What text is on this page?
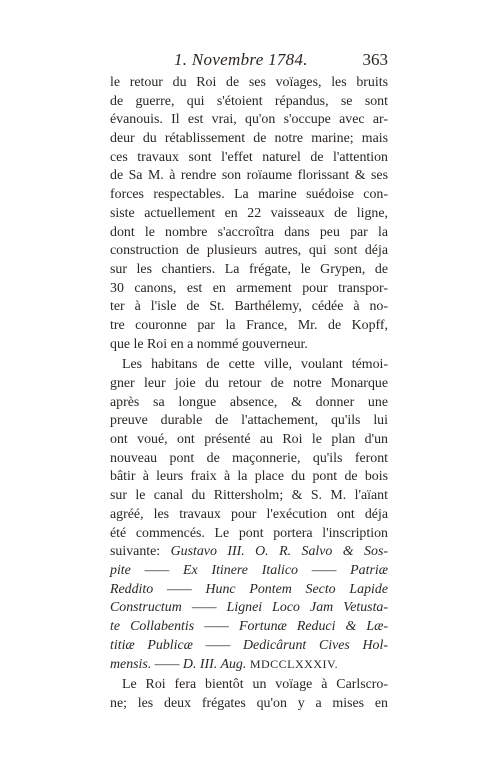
1. Novembre 1784.	363
le retour du Roi de ses voïages, les bruits
de guerre, qui s'étoient répandus, se sont
évanouis. Il est vrai, qu'on s'occupe avec ar-
deur du rétablissement de notre marine; mais
ces travaux sont l'effet naturel de l'attention
de Sa M. à rendre son roïaume florissant & ses
forces respectables. La marine suédoise con-
siste actuellement en 22 vaisseaux de ligne,
dont le nombre s'accroîtra dans peu par la
construction de plusieurs autres, qui sont déja
sur les chantiers. La frégate, le Grypen, de
30 canons, est en armement pour transpor-
ter à l'isle de St. Barthélemy, cédée à no-
tre couronne par la France, Mr. de Kopff,
que le Roi en a nommé gouverneur.
Les habitans de cette ville, voulant témoi-
gner leur joie du retour de notre Monarque
après sa longue absence, & donner une
preuve durable de l'attachement, qu'ils lui
ont voué, ont présenté au Roi le plan d'un
nouveau pont de maçonnerie, qu'ils feront
bâtir à leurs fraix à la place du pont de bois
sur le canal du Rittersholm; & S. M. l'aïant
agréé, les travaux pour l'exécution ont déja
été commencés. Le pont portera l'inscription
suivante: Gustavo III. O. R. Salvo & Sos-
pite —— Ex Itinere Italico —— Patriæ
Reddito —— Hunc Pontem Secto Lapide
Constructum —— Lignei Loco Jam Vetusta-
te Collabentis —— Fortunæ Reduci & Læ-
titiæ Publicæ —— Dedicârunt Cives Hol-
mensis. —— D. III. Aug. MDCCLXXXIV.
Le Roi fera bientôt un voïage à Carlscro-
ne; les deux frégates qu'on y a mises en
